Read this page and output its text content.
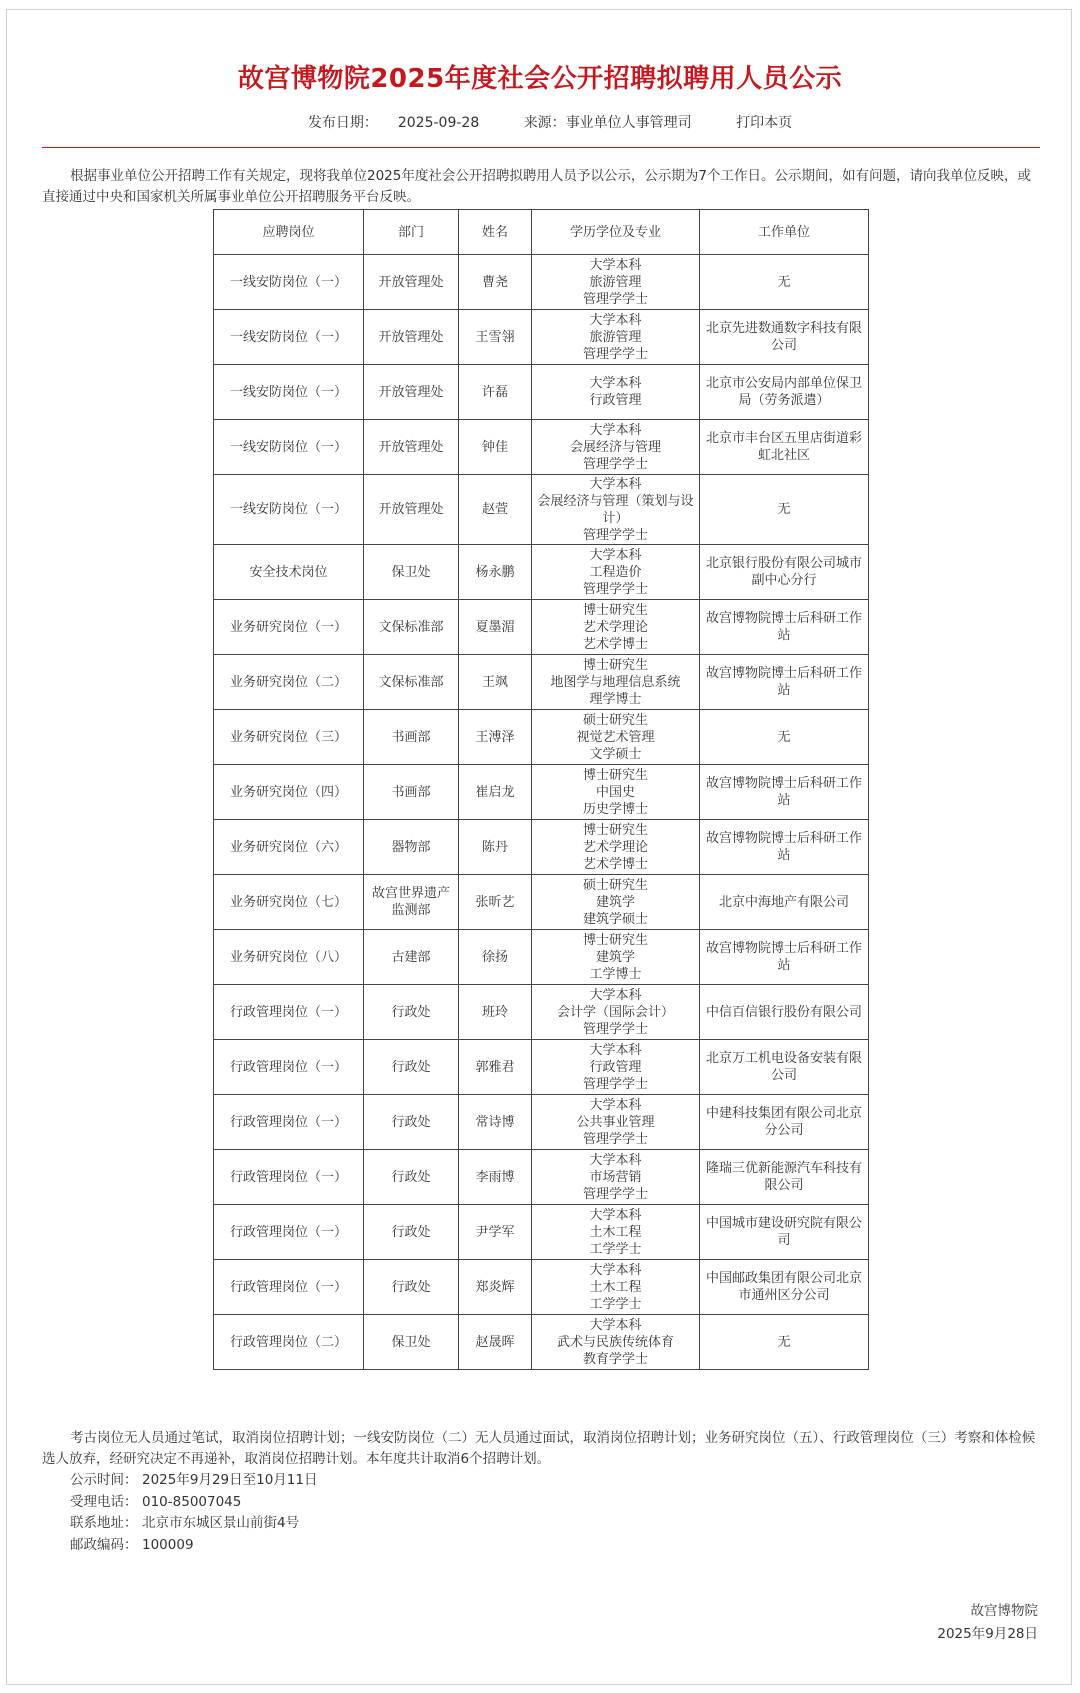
故宫博物院2025年度社会公开招聘拟聘用人员公示
发布日期： 2025-09-28	来源：事业单位人事管理司	打印本页

根据事业单位公开招聘工作有关规定，现将我单位2025年度社会公开招聘拟聘用人员予以公示，公示期为7个工作日。公示期间，如有问题，请向我单位反映，或直接通过中央和国家机关所属事业单位公开招聘服务平台反映。

应聘岗位	部门	姓名	学历学位及专业	工作单位
一线安防岗位（一）	开放管理处	曹尧	大学本科
旅游管理
管理学学士	无
一线安防岗位（一）	开放管理处	王雪翎	大学本科
旅游管理
管理学学士	北京先进数通数字科技有限公司
一线安防岗位（一）	开放管理处	许磊	大学本科
行政管理	北京市公安局内部单位保卫局（劳务派遣）
一线安防岗位（一）	开放管理处	钟佳	大学本科
会展经济与管理
管理学学士	北京市丰台区五里店街道彩虹北社区
一线安防岗位（一）	开放管理处	赵萱	大学本科
会展经济与管理（策划与设计）
管理学学士	无
安全技术岗位	保卫处	杨永鹏	大学本科
工程造价
管理学学士	北京银行股份有限公司城市副中心分行
业务研究岗位（一）	文保标准部	夏墨湄	博士研究生
艺术学理论
艺术学博士	故宫博物院博士后科研工作站
业务研究岗位（二）	文保标准部	王飒	博士研究生
地图学与地理信息系统
理学博士	故宫博物院博士后科研工作站
业务研究岗位（三）	书画部	王溥泽	硕士研究生
视觉艺术管理
文学硕士	无
业务研究岗位（四）	书画部	崔启龙	博士研究生
中国史
历史学博士	故宫博物院博士后科研工作站
业务研究岗位（六）	器物部	陈丹	博士研究生
艺术学理论
艺术学博士	故宫博物院博士后科研工作站
业务研究岗位（七）	故宫世界遗产监测部	张昕艺	硕士研究生
建筑学
建筑学硕士	北京中海地产有限公司
业务研究岗位（八）	古建部	徐扬	博士研究生
建筑学
工学博士	故宫博物院博士后科研工作站
行政管理岗位（一）	行政处	班玲	大学本科
会计学（国际会计）
管理学学士	中信百信银行股份有限公司
行政管理岗位（一）	行政处	郭雅君	大学本科
行政管理
管理学学士	北京万工机电设备安装有限公司
行政管理岗位（一）	行政处	常诗博	大学本科
公共事业管理
管理学学士	中建科技集团有限公司北京分公司
行政管理岗位（一）	行政处	李雨博	大学本科
市场营销
管理学学士	隆瑞三优新能源汽车科技有限公司
行政管理岗位（一）	行政处	尹学军	大学本科
土木工程
工学学士	中国城市建设研究院有限公司
行政管理岗位（一）	行政处	郑炎辉	大学本科
土木工程
工学学士	中国邮政集团有限公司北京市通州区分公司
行政管理岗位（二）	保卫处	赵晟晖	大学本科
武术与民族传统体育
教育学学士	无

考古岗位无人员通过笔试，取消岗位招聘计划；一线安防岗位（二）无人员通过面试，取消岗位招聘计划；业务研究岗位（五）、行政管理岗位（三）考察和体检候选人放弃，经研究决定不再递补，取消岗位招聘计划。本年度共计取消6个招聘计划。

公示时间： 2025年9月29日至10月11日
受理电话： 010-85007045
联系地址： 北京市东城区景山前街4号
邮政编码： 100009
故宫博物院
2025年9月28日
